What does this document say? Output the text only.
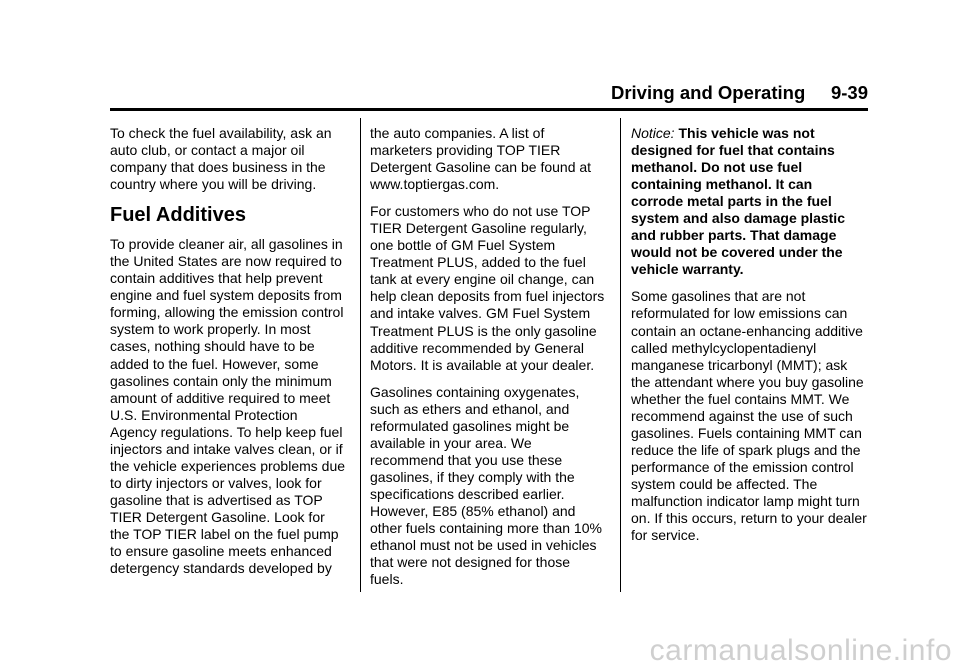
Driving and Operating 9-39

To check the fuel availability, ask an auto club, or contact a major oil company that does business in the country where you will be driving.

Fuel Additives

To provide cleaner air, all gasolines in the United States are now required to contain additives that help prevent engine and fuel system deposits from forming, allowing the emission control system to work properly. In most cases, nothing should have to be added to the fuel. However, some gasolines contain only the minimum amount of additive required to meet U.S. Environmental Protection Agency regulations. To help keep fuel injectors and intake valves clean, or if the vehicle experiences problems due to dirty injectors or valves, look for gasoline that is advertised as TOP TIER Detergent Gasoline. Look for the TOP TIER label on the fuel pump to ensure gasoline meets enhanced detergency standards developed by

the auto companies. A list of marketers providing TOP TIER Detergent Gasoline can be found at www.toptiergas.com.

For customers who do not use TOP TIER Detergent Gasoline regularly, one bottle of GM Fuel System Treatment PLUS, added to the fuel tank at every engine oil change, can help clean deposits from fuel injectors and intake valves. GM Fuel System Treatment PLUS is the only gasoline additive recommended by General Motors. It is available at your dealer.

Gasolines containing oxygenates, such as ethers and ethanol, and reformulated gasolines might be available in your area. We recommend that you use these gasolines, if they comply with the specifications described earlier. However, E85 (85% ethanol) and other fuels containing more than 10% ethanol must not be used in vehicles that were not designed for those fuels.

Notice: This vehicle was not designed for fuel that contains methanol. Do not use fuel containing methanol. It can corrode metal parts in the fuel system and also damage plastic and rubber parts. That damage would not be covered under the vehicle warranty.

Some gasolines that are not reformulated for low emissions can contain an octane-enhancing additive called methylcyclopentadienyl manganese tricarbonyl (MMT); ask the attendant where you buy gasoline whether the fuel contains MMT. We recommend against the use of such gasolines. Fuels containing MMT can reduce the life of spark plugs and the performance of the emission control system could be affected. The malfunction indicator lamp might turn on. If this occurs, return to your dealer for service.

carmanualsonline.info
